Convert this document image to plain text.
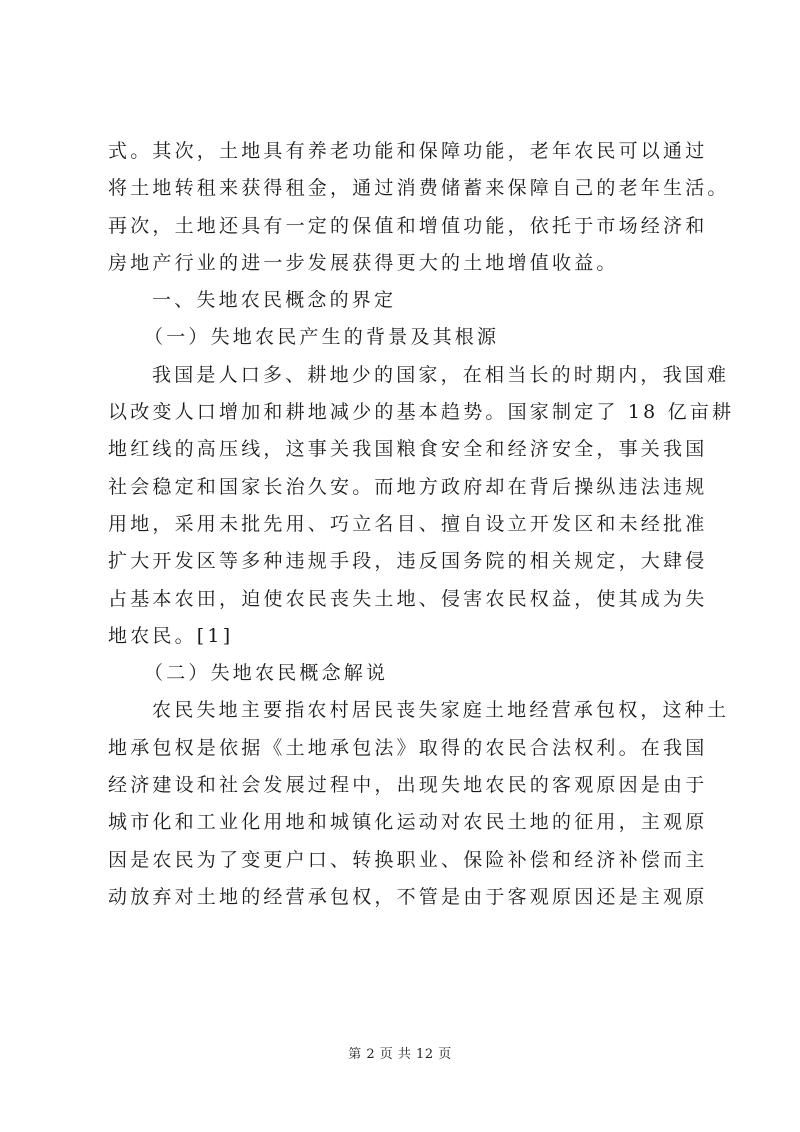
式。其次，土地具有养老功能和保障功能，老年农民可以通过
将土地转租来获得租金，通过消费储蓄来保障自己的老年生活。
再次，土地还具有一定的保值和增值功能，依托于市场经济和
房地产行业的进一步发展获得更大的土地增值收益。
一、失地农民概念的界定
（一）失地农民产生的背景及其根源
我国是人口多、耕地少的国家，在相当长的时期内，我国难
以改变人口增加和耕地减少的基本趋势。国家制定了 18 亿亩耕
地红线的高压线，这事关我国粮食安全和经济安全，事关我国
社会稳定和国家长治久安。而地方政府却在背后操纵违法违规
用地，采用未批先用、巧立名目、擅自设立开发区和未经批准
扩大开发区等多种违规手段，违反国务院的相关规定，大肆侵
占基本农田，迫使农民丧失土地、侵害农民权益，使其成为失
地农民。[1]
（二）失地农民概念解说
农民失地主要指农村居民丧失家庭土地经营承包权，这种土
地承包权是依据《土地承包法》取得的农民合法权利。在我国
经济建设和社会发展过程中，出现失地农民的客观原因是由于
城市化和工业化用地和城镇化运动对农民土地的征用，主观原
因是农民为了变更户口、转换职业、保险补偿和经济补偿而主
动放弃对土地的经营承包权，不管是由于客观原因还是主观原
第 2 页 共 12 页
